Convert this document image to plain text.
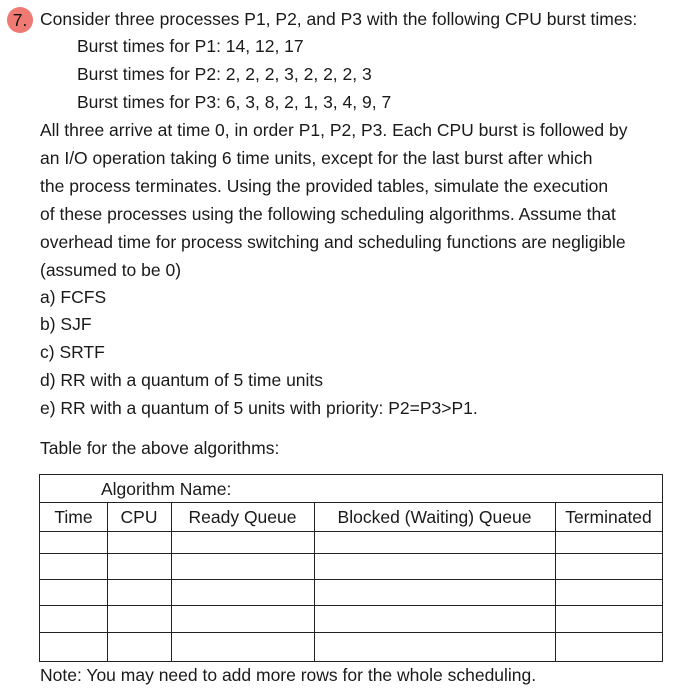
7. Consider three processes P1, P2, and P3 with the following CPU burst times:
Burst times for P1: 14, 12, 17
Burst times for P2: 2, 2, 2, 3, 2, 2, 2, 3
Burst times for P3: 6, 3, 8, 2, 1, 3, 4, 9, 7
All three arrive at time 0, in order P1, P2, P3. Each CPU burst is followed by
an I/O operation taking 6 time units, except for the last burst after which
the process terminates. Using the provided tables, simulate the execution
of these processes using the following scheduling algorithms. Assume that
overhead time for process switching and scheduling functions are negligible
(assumed to be 0)
a) FCFS
b) SJF
c) SRTF
d) RR with a quantum of 5 time units
e) RR with a quantum of 5 units with priority: P2=P3>P1.
Table for the above algorithms:
Algorithm Name:
Time	CPU	Ready Queue	Blocked (Waiting) Queue	Terminated
Note: You may need to add more rows for the whole scheduling.
